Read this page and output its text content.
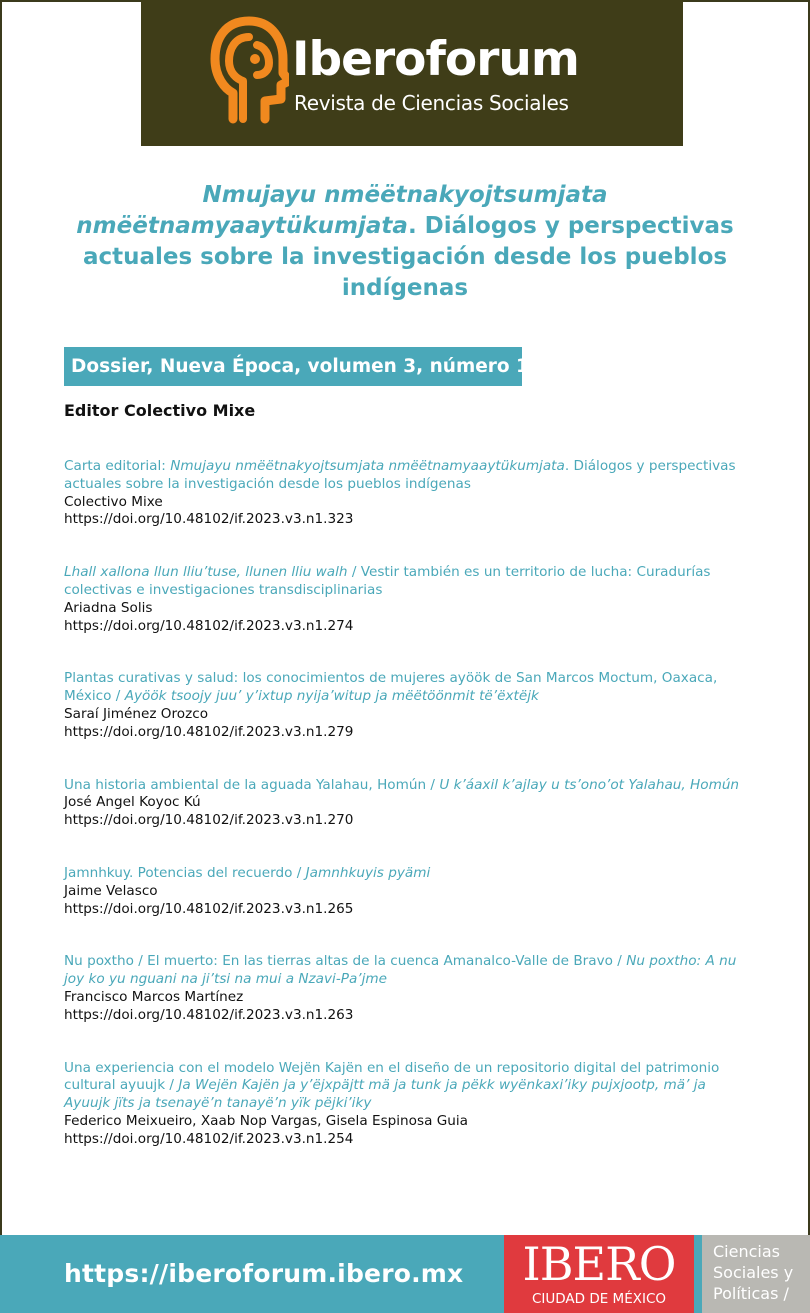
Iberoforum
Revista de Ciencias Sociales
Nmujayu nmëëtnakyojtsumjata nmëëtnamyaaytükumjata. Diálogos y perspectivas actuales sobre la investigación desde los pueblos indígenas
Dossier, Nueva Época, volumen 3, número 1
Editor Colectivo Mixe
Carta editorial: Nmujayu nmëëtnakyojtsumjata nmëëtnamyaaytükumjata. Diálogos y perspectivas actuales sobre la investigación desde los pueblos indígenas
Colectivo Mixe
https://doi.org/10.48102/if.2023.v3.n1.323
Lhall xallona llun lliu’tuse, llunen lliu walh / Vestir también es un territorio de lucha: Curadurías colectivas e investigaciones transdisciplinarias
Ariadna Solis
https://doi.org/10.48102/if.2023.v3.n1.274
Plantas curativas y salud: los conocimientos de mujeres ayöök de San Marcos Moctum, Oaxaca, México / Ayöök tsoojy juu’ y’ixtup nyija’witup ja mëëtöönmit të’ëxtëjk
Saraí Jiménez Orozco
https://doi.org/10.48102/if.2023.v3.n1.279
Una historia ambiental de la aguada Yalahau, Homún / U k’áaxil k’ajlay u ts’ono’ot Yalahau, Homún
José Angel Koyoc Kú
https://doi.org/10.48102/if.2023.v3.n1.270
Jamnhkuy. Potencias del recuerdo / Jamnhkuyis pyämi
Jaime Velasco
https://doi.org/10.48102/if.2023.v3.n1.265
Nu poxtho / El muerto: En las tierras altas de la cuenca Amanalco-Valle de Bravo / Nu poxtho: A nu joy ko yu nguani na ji’tsi na mui a Nzavi-Pa’jme
Francisco Marcos Martínez
https://doi.org/10.48102/if.2023.v3.n1.263
Una experiencia con el modelo Wejën Kajën en el diseño de un repositorio digital del patrimonio cultural ayuujk / Ja Wejën Kajën ja y’ëjxpäjtt mä ja tunk ja pëkk wyënkaxi’iky pujxjootp, mä’ ja Ayuujk jïts ja tsenayë’n tanayë’n yïk pëjki’iky
Federico Meixueiro, Xaab Nop Vargas, Gisela Espinosa Guia
https://doi.org/10.48102/if.2023.v3.n1.254
https://iberoforum.ibero.mx	IBERO
CIUDAD DE MÉXICO
Ciencias
Sociales y
Políticas /
